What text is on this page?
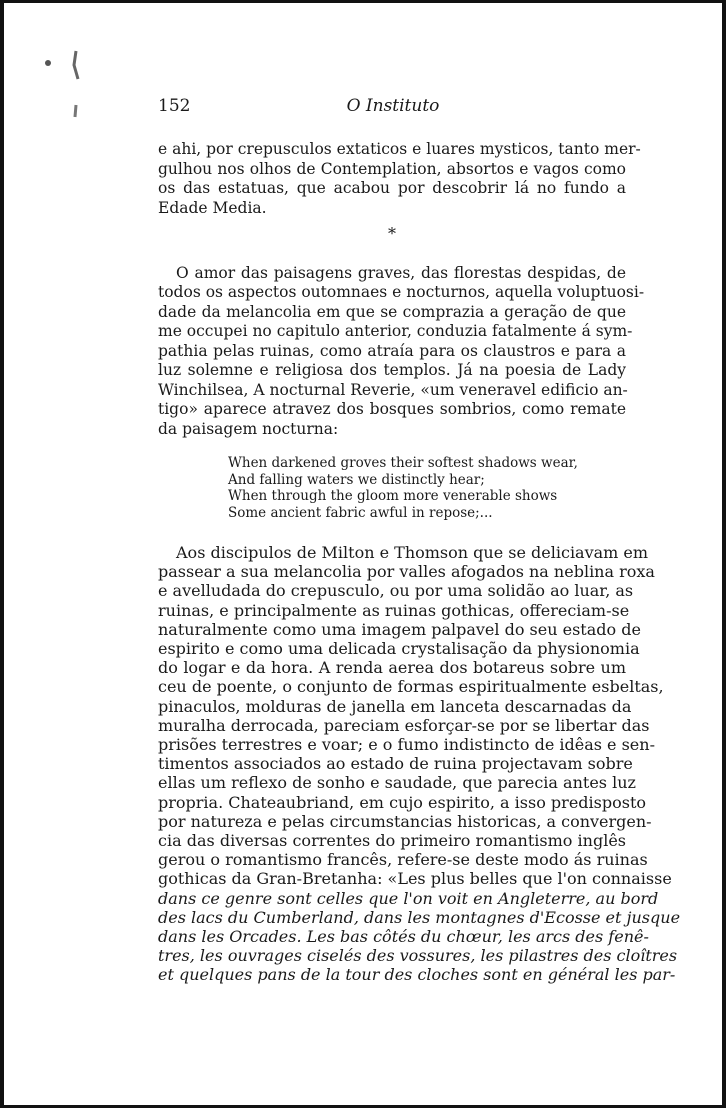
152	O Instituto

e ahi, por crepusculos extaticos e luares mysticos, tanto mer-
gulhou nos olhos de Contemplation, absortos e vagos como
os das estatuas, que acabou por descobrir lá no fundo a
Edade Media.

*

O amor das paisagens graves, das florestas despidas, de
todos os aspectos outomnaes e nocturnos, aquella voluptuosi-
dade da melancolia em que se comprazia a geração de que
me occupei no capitulo anterior, conduzia fatalmente á sym-
pathia pelas ruinas, como atraía para os claustros e para a
luz solemne e religiosa dos templos. Já na poesia de Lady
Winchilsea, A nocturnal Reverie, «um veneravel edificio an-
tigo» aparece atravez dos bosques sombrios, como remate
da paisagem nocturna:

When darkened groves their softest shadows wear,
And falling waters we distinctly hear;
When through the gloom more venerable shows
Some ancient fabric awful in repose;...

Aos discipulos de Milton e Thomson que se deliciavam em
passear a sua melancolia por valles afogados na neblina roxa
e avelludada do crepusculo, ou por uma solidão ao luar, as
ruinas, e principalmente as ruinas gothicas, offereciam-se
naturalmente como uma imagem palpavel do seu estado de
espirito e como uma delicada crystalisação da physionomia
do logar e da hora. A renda aerea dos botareus sobre um
ceu de poente, o conjunto de formas espiritualmente esbeltas,
pinaculos, molduras de janella em lanceta descarnadas da
muralha derrocada, pareciam esforçar-se por se libertar das
prisões terrestres e voar; e o fumo indistincto de idêas e sen-
timentos associados ao estado de ruina projectavam sobre
ellas um reflexo de sonho e saudade, que parecia antes luz
propria. Chateaubriand, em cujo espirito, a isso predisposto
por natureza e pelas circumstancias historicas, a convergen-
cia das diversas correntes do primeiro romantismo inglês
gerou o romantismo francês, refere-se deste modo ás ruinas
gothicas da Gran-Bretanha: «Les plus belles que l'on connaisse
dans ce genre sont celles que l'on voit en Angleterre, au bord
des lacs du Cumberland, dans les montagnes d'Ecosse et jusque
dans les Orcades. Les bas côtés du chœur, les arcs des fenê-
tres, les ouvrages ciselés des vossures, les pilastres des cloîtres
et quelques pans de la tour des cloches sont en général les par-
